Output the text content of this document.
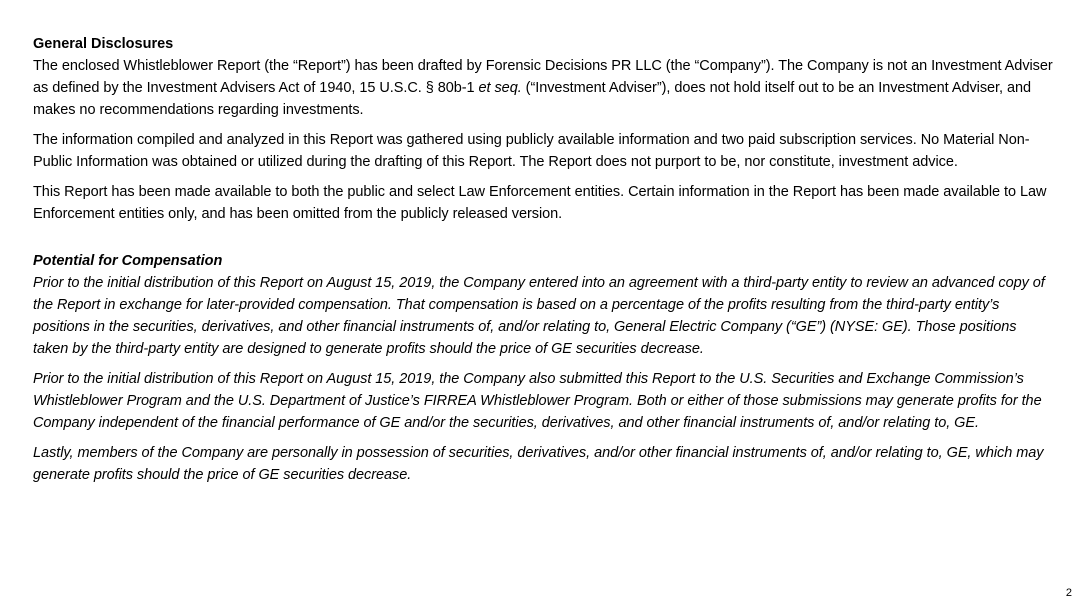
General Disclosures

The enclosed Whistleblower Report (the “Report”) has been drafted by Forensic Decisions PR LLC (the “Company”). The Company is not an Investment Adviser as defined by the Investment Advisers Act of 1940, 15 U.S.C. § 80b-1 et seq. (“Investment Adviser”), does not hold itself out to be an Investment Adviser, and makes no recommendations regarding investments.

The information compiled and analyzed in this Report was gathered using publicly available information and two paid subscription services. No Material Non-Public Information was obtained or utilized during the drafting of this Report. The Report does not purport to be, nor constitute, investment advice.

This Report has been made available to both the public and select Law Enforcement entities. Certain information in the Report has been made available to Law Enforcement entities only, and has been omitted from the publicly released version.

Potential for Compensation

Prior to the initial distribution of this Report on August 15, 2019, the Company entered into an agreement with a third-party entity to review an advanced copy of the Report in exchange for later-provided compensation. That compensation is based on a percentage of the profits resulting from the third-party entity’s positions in the securities, derivatives, and other financial instruments of, and/or relating to, General Electric Company (“GE”) (NYSE: GE). Those positions taken by the third-party entity are designed to generate profits should the price of GE securities decrease.

Prior to the initial distribution of this Report on August 15, 2019, the Company also submitted this Report to the U.S. Securities and Exchange Commission’s Whistleblower Program and the U.S. Department of Justice’s FIRREA Whistleblower Program. Both or either of those submissions may generate profits for the Company independent of the financial performance of GE and/or the securities, derivatives, and other financial instruments of, and/or relating to, GE.

Lastly, members of the Company are personally in possession of securities, derivatives, and/or other financial instruments of, and/or relating to, GE, which may generate profits should the price of GE securities decrease.

2
